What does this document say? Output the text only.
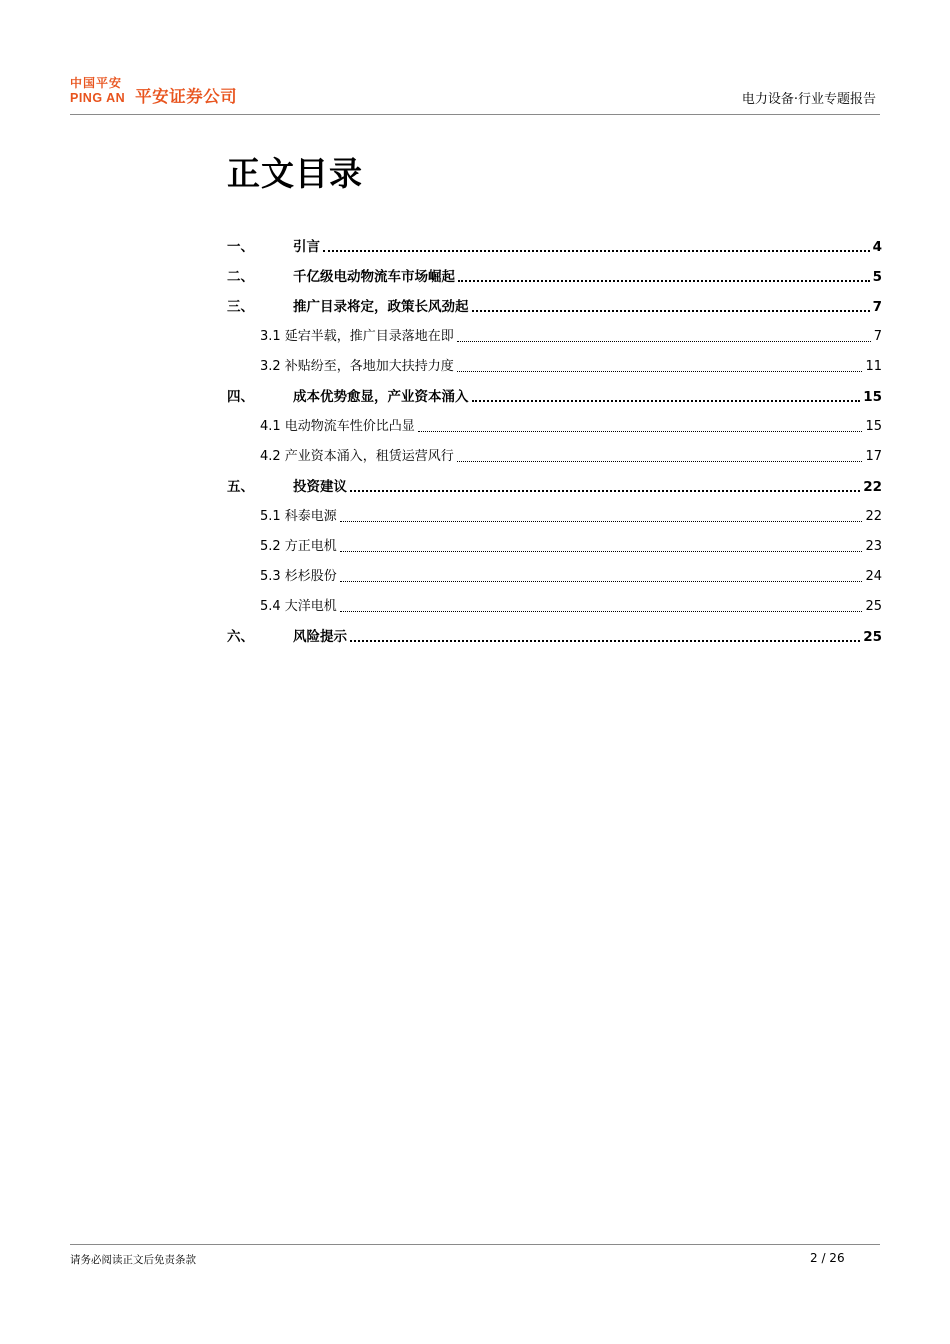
中国平安
PING AN 平安证券公司	电力设备·行业专题报告
正文目录
一、	引言	4
二、	千亿级电动物流车市场崛起	5
三、	推广目录将定，政策长风劲起	7
3.1 延宕半载，推广目录落地在即	7
3.2 补贴纷至，各地加大扶持力度	11
四、	成本优势愈显，产业资本涌入	15
4.1 电动物流车性价比凸显	15
4.2 产业资本涌入，租赁运营风行	17
五、	投资建议	22
5.1 科泰电源	22
5.2 方正电机	23
5.3 杉杉股份	24
5.4 大洋电机	25
六、	风险提示	25
请务必阅读正文后免责条款	2 / 26
